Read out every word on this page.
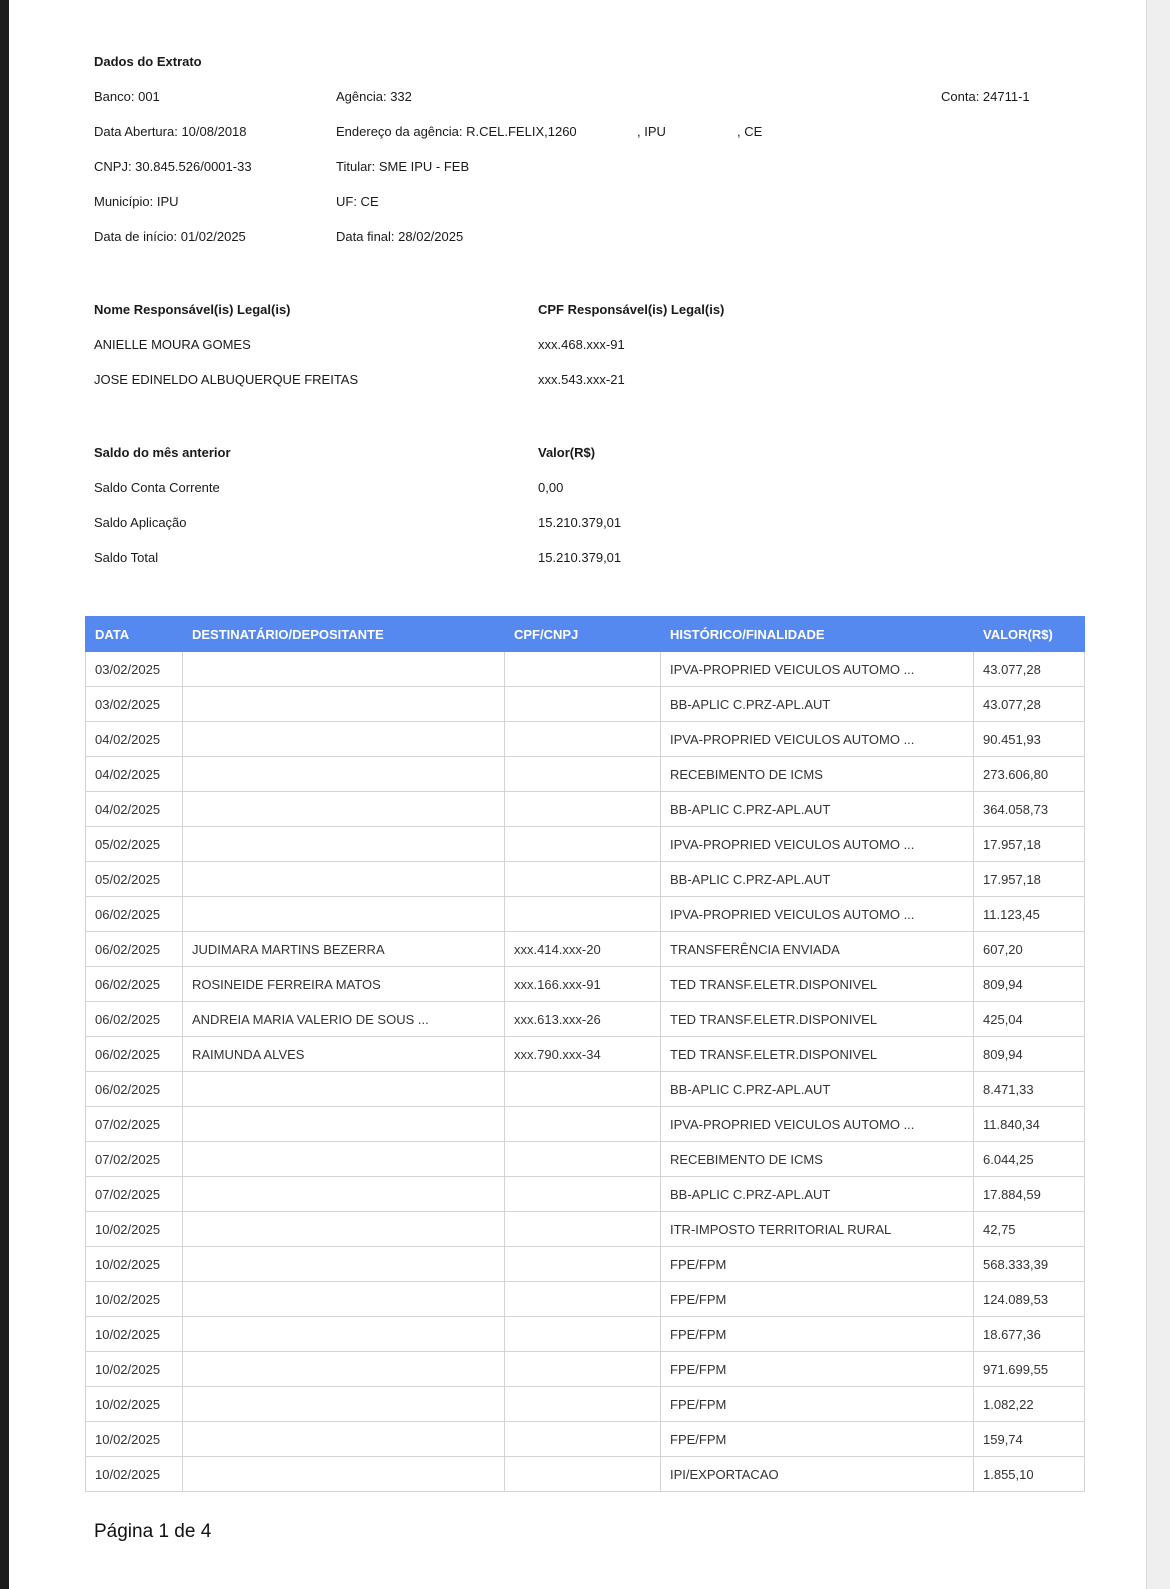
Dados do Extrato
Banco: 001	Agência: 332	Conta: 24711-1
Data Abertura: 10/08/2018	Endereço da agência: R.CEL.FELIX,1260	, IPU	, CE
CNPJ: 30.845.526/0001-33	Titular: SME IPU - FEB
Município: IPU	UF: CE
Data de início: 01/02/2025	Data final: 28/02/2025
Nome Responsável(is) Legal(is)	CPF Responsável(is) Legal(is)
ANIELLE MOURA GOMES	xxx.468.xxx-91
JOSE EDINELDO ALBUQUERQUE FREITAS	xxx.543.xxx-21
Saldo do mês anterior	Valor(R$)
Saldo Conta Corrente	0,00
Saldo Aplicação	15.210.379,01
Saldo Total	15.210.379,01
Página 1 de 4
DATA	DESTINATÁRIO/DEPOSITANTE	CPF/CNPJ	HISTÓRICO/FINALIDADE	VALOR(R$)
03/02/2025			IPVA-PROPRIED VEICULOS AUTOMO ...	43.077,28
03/02/2025			BB-APLIC C.PRZ-APL.AUT	43.077,28
04/02/2025			IPVA-PROPRIED VEICULOS AUTOMO ...	90.451,93
04/02/2025			RECEBIMENTO DE ICMS	273.606,80
04/02/2025			BB-APLIC C.PRZ-APL.AUT	364.058,73
05/02/2025			IPVA-PROPRIED VEICULOS AUTOMO ...	17.957,18
05/02/2025			BB-APLIC C.PRZ-APL.AUT	17.957,18
06/02/2025			IPVA-PROPRIED VEICULOS AUTOMO ...	11.123,45
06/02/2025	JUDIMARA MARTINS BEZERRA	xxx.414.xxx-20	TRANSFERÊNCIA ENVIADA	607,20
06/02/2025	ROSINEIDE FERREIRA MATOS	xxx.166.xxx-91	TED TRANSF.ELETR.DISPONIVEL	809,94
06/02/2025	ANDREIA MARIA VALERIO DE SOUS ...	xxx.613.xxx-26	TED TRANSF.ELETR.DISPONIVEL	425,04
06/02/2025	RAIMUNDA ALVES	xxx.790.xxx-34	TED TRANSF.ELETR.DISPONIVEL	809,94
06/02/2025			BB-APLIC C.PRZ-APL.AUT	8.471,33
07/02/2025			IPVA-PROPRIED VEICULOS AUTOMO ...	11.840,34
07/02/2025			RECEBIMENTO DE ICMS	6.044,25
07/02/2025			BB-APLIC C.PRZ-APL.AUT	17.884,59
10/02/2025			ITR-IMPOSTO TERRITORIAL RURAL	42,75
10/02/2025			FPE/FPM	568.333,39
10/02/2025			FPE/FPM	124.089,53
10/02/2025			FPE/FPM	18.677,36
10/02/2025			FPE/FPM	971.699,55
10/02/2025			FPE/FPM	1.082,22
10/02/2025			FPE/FPM	159,74
10/02/2025			IPI/EXPORTACAO	1.855,10
